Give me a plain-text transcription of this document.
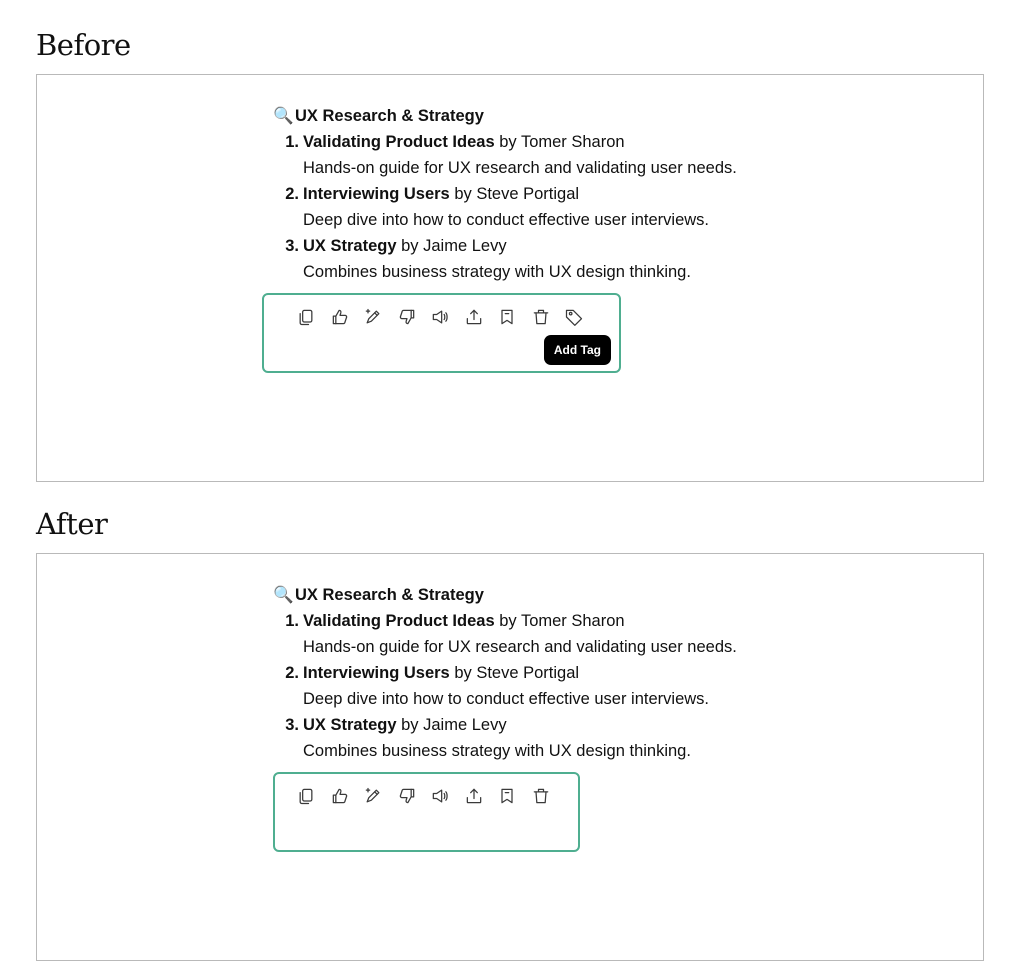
Before
🔍 UX Research & Strategy
1. Validating Product Ideas by Tomer Sharon
Hands-on guide for UX research and validating user needs.
2. Interviewing Users by Steve Portigal
Deep dive into how to conduct effective user interviews.
3. UX Strategy by Jaime Levy
Combines business strategy with UX design thinking.
Add Tag
After
🔍 UX Research & Strategy
1. Validating Product Ideas by Tomer Sharon
Hands-on guide for UX research and validating user needs.
2. Interviewing Users by Steve Portigal
Deep dive into how to conduct effective user interviews.
3. UX Strategy by Jaime Levy
Combines business strategy with UX design thinking.
